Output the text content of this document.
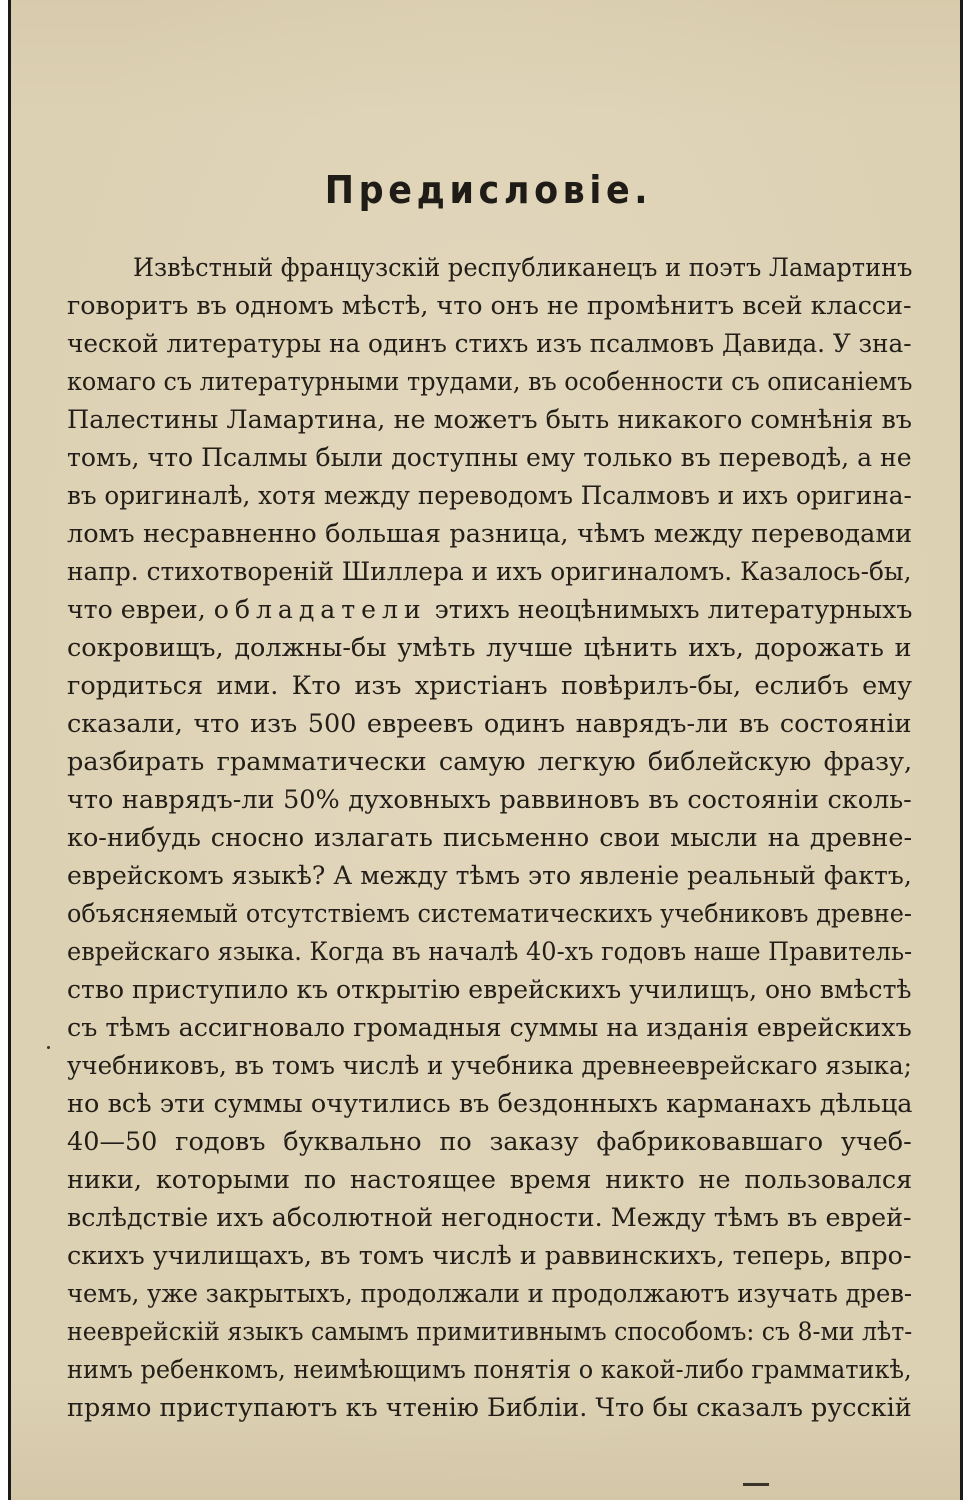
Предисловіе.
Извѣстный французскій республиканецъ и поэтъ Ламартинъ
говоритъ въ одномъ мѣстѣ, что онъ не промѣнитъ всей класси-
ческой литературы на одинъ стихъ изъ псалмовъ Давида. У зна-
комаго съ литературными трудами, въ особенности съ описаніемъ
Палестины Ламартина, не можетъ быть никакого сомнѣнія въ
томъ, что Псалмы были доступны ему только въ переводѣ, а не
въ оригиналѣ, хотя между переводомъ Псалмовъ и ихъ оригина-
ломъ несравненно большая разница, чѣмъ между переводами
напр. стихотвореній Шиллера и ихъ оригиналомъ. Казалось-бы,
что евреи, обладатели этихъ неоцѣнимыхъ литературныхъ
сокровищъ, должны-бы умѣть лучше цѣнить ихъ, дорожать и
гордиться ими. Кто изъ христіанъ повѣрилъ-бы, еслибъ ему
сказали, что изъ 500 евреевъ одинъ наврядъ-ли въ состояніи
разбирать грамматически самую легкую библейскую фразу,
что наврядъ-ли 50% духовныхъ раввиновъ въ состояніи сколь-
ко-нибудь сносно излагать письменно свои мысли на древне-
еврейскомъ языкѣ? А между тѣмъ это явленіе реальный фактъ,
объясняемый отсутствіемъ систематическихъ учебниковъ древне-
еврейскаго языка. Когда въ началѣ 40-хъ годовъ наше Правитель-
ство приступило къ открытію еврейскихъ училищъ, оно вмѣстѣ
съ тѣмъ ассигновало громадныя суммы на изданія еврейскихъ
учебниковъ, въ томъ числѣ и учебника древнееврейскаго языка;
но всѣ эти суммы очутились въ бездонныхъ карманахъ дѣльца
40—50 годовъ буквально по заказу фабриковавшаго учеб-
ники, которыми по настоящее время никто не пользовался
вслѣдствіе ихъ абсолютной негодности. Между тѣмъ въ еврей-
скихъ училищахъ, въ томъ числѣ и раввинскихъ, теперь, впро-
чемъ, уже закрытыхъ, продолжали и продолжаютъ изучать древ-
нееврейскій языкъ самымъ примитивнымъ способомъ: съ 8-ми лѣт-
нимъ ребенкомъ, неимѣющимъ понятія о какой-либо грамматикѣ,
прямо приступаютъ къ чтенію Библіи. Что бы сказалъ русскій
